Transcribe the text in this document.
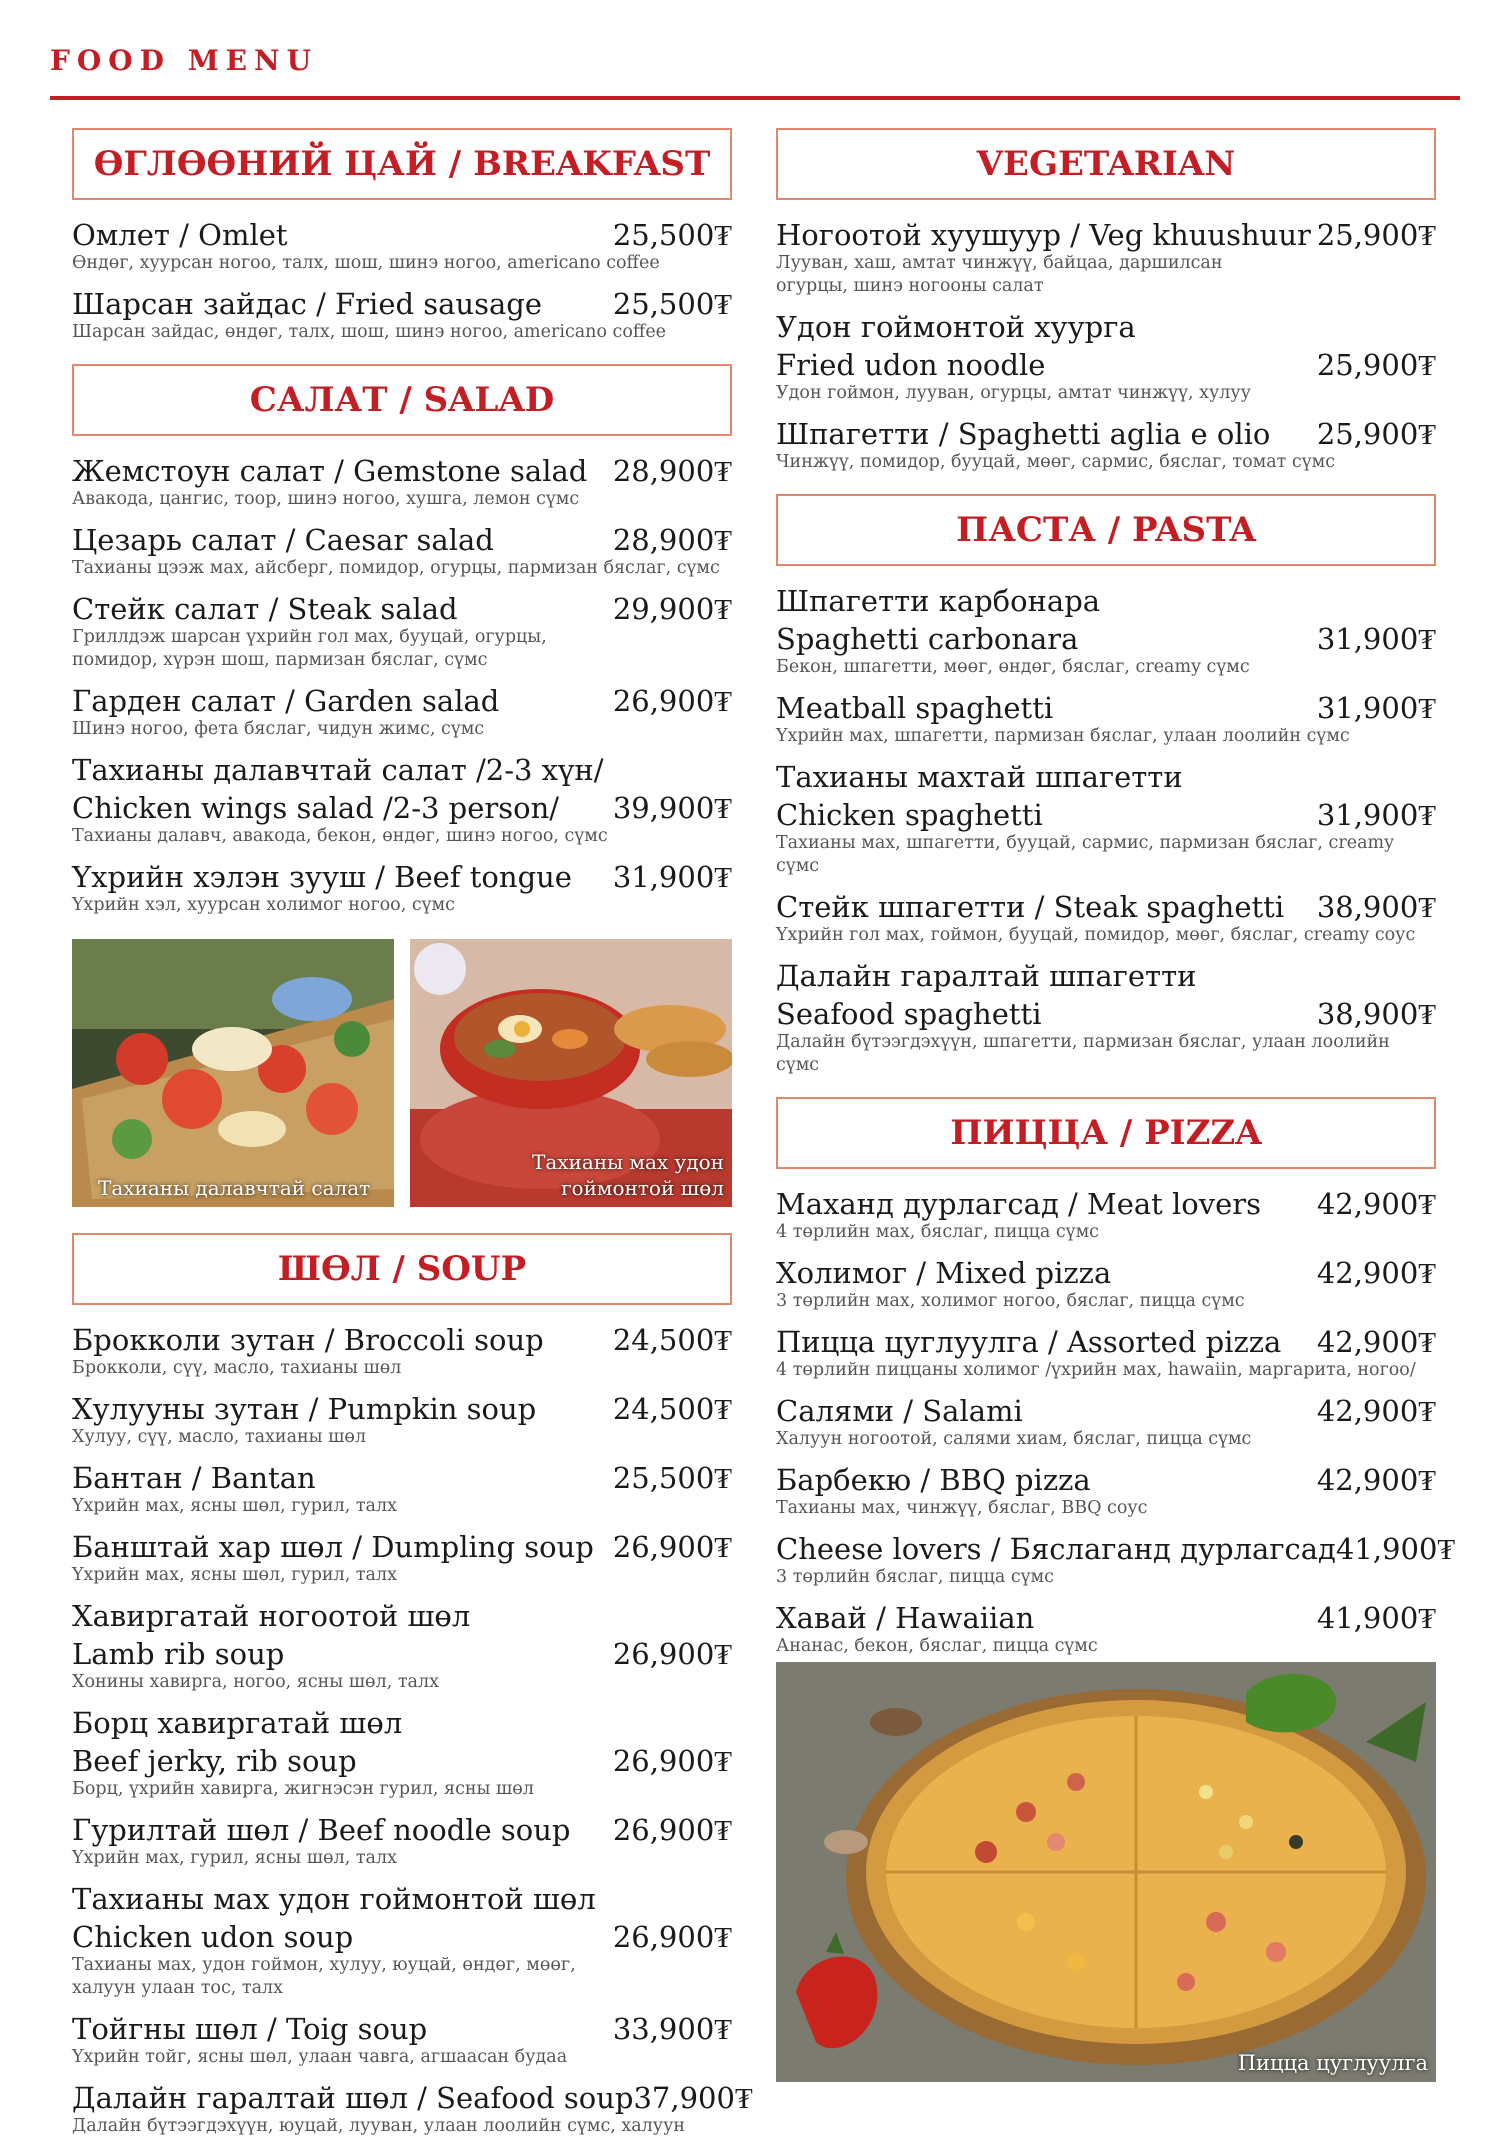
FOOD MENU
ӨГЛӨӨНИЙ ЦАЙ / BREAKFAST
Омлет / Omlet	25,500₮
Өндөг, хуурсан ногоо, талх, шош, шинэ ногоо, americano coffee
Шарсан зайдас / Fried sausage 25,500₮
Шарсан зайдас, өндөг, талх, шош, шинэ ногоо, americano coffee
САЛАТ / SALAD
Жемстоун салат / Gemstone salad 28,900₮
Авакода, цангис, тоор, шинэ ногоо, хушга, лемон сүмс
Цезарь салат / Caesar salad	28,900₮
Тахианы цээж мах, айсберг, помидор, огурцы, пармизан бяслаг, сүмс
Стейк салат / Steak salad	29,900₮
Гриллдэж шарсан үхрийн гол мах, бууцай, огурцы, помидор, хүрэн шош, пармизан бяслаг, сүмс
Гарден салат / Garden salad	26,900₮
Шинэ ногоо, фета бяслаг, чидун жимс, сүмс
Тахианы далавчтай салат /2-3 хүн/
Chicken wings salad /2-3 person/ 39,900₮
Тахианы далавч, авакода, бекон, өндөг, шинэ ногоо, сүмс
Үхрийн хэлэн зууш / Beef tongue 31,900₮
Үхрийн хэл, хуурсан холимог ногоо, сүмс
Тахианы далавчтай салат
Тахианы мах удон
гоймонтой шөл
ШӨЛ / SOUP
Брокколи зутан / Broccoli soup 24,500₮
Брокколи, сүү, масло, тахианы шөл
Хулууны зутан / Pumpkin soup	24,500₮
Хулуу, сүү, масло, тахианы шөл
Бантан / Bantan	25,500₮
Үхрийн мах, ясны шөл, гурил, талх
Банштай хар шөл / Dumpling soup 26,900₮
Үхрийн мах, ясны шөл, гурил, талх
Хавиргатай ногоотой шөл
Lamb rib soup	26,900₮
Хонины хавирга, ногоо, ясны шөл, талх
Борц хавиргатай шөл
Beef jerky, rib soup	26,900₮
Борц, үхрийн хавирга, жигнэсэн гурил, ясны шөл
Гурилтай шөл / Beef noodle soup 26,900₮
Үхрийн мах, гурил, ясны шөл, талх
Тахианы мах удон гоймонтой шөл
Chicken udon soup	26,900₮
Тахианы мах, удон гоймон, хулуу, юуцай, өндөг, мөөг, халуун улаан тос, талх
Тойгны шөл / Toig soup	33,900₮
Үхрийн тойг, ясны шөл, улаан чавга, агшаасан будаа
Далайн гаралтай шөл / Seafood soup 37,900₮
Далайн бүтээгдэхүүн, юуцай, лууван, улаан лоолийн сүмс, халуун
VEGETARIAN
Ногоотой хуушуур / Veg khuushuur 25,900₮
Лууван, хаш, амтат чинжүү, байцаа, даршилсан огурцы, шинэ ногооны салат
Удон гоймонтой хуурга
Fried udon noodle	25,900₮
Удон гоймон, лууван, огурцы, амтат чинжүү, хулуу
Шпагетти / Spaghetti aglia e olio 25,900₮
Чинжүү, помидор, бууцай, мөөг, сармис, бяслаг, томат сүмс
ПАСТА / PASTA
Шпагетти карбонара
Spaghetti carbonara	31,900₮
Бекон, шпагетти, мөөг, өндөг, бяслаг, creamy сүмс
Meatball spaghetti	31,900₮
Үхрийн мах, шпагетти, пармизан бяслаг, улаан лоолийн сүмс
Тахианы махтай шпагетти
Chicken spaghetti	31,900₮
Тахианы мах, шпагетти, бууцай, сармис, пармизан бяслаг, creamy сүмс
Стейк шпагетти / Steak spaghetti 38,900₮
Үхрийн гол мах, гоймон, бууцай, помидор, мөөг, бяслаг, creamy соус
Далайн гаралтай шпагетти
Seafood spaghetti	38,900₮
Далайн бүтээгдэхүүн, шпагетти, пармизан бяслаг, улаан лоолийн сүмс
ПИЦЦА / PIZZA
Маханд дурлагсад / Meat lovers 42,900₮
4 төрлийн мах, бяслаг, пицца сүмс
Холимог / Mixed pizza	42,900₮
3 төрлийн мах, холимог ногоо, бяслаг, пицца сүмс
Пицца цуглуулга / Assorted pizza 42,900₮
4 төрлийн пиццаны холимог /үхрийн мах, hawaiin, маргарита, ногоо/
Салями / Salami	42,900₮
Халуун ногоотой, салями хиам, бяслаг, пицца сүмс
Барбекю / BBQ pizza	42,900₮
Тахианы мах, чинжүү, бяслаг, BBQ соус
Cheese lovers / Бяслаганд дурлагсад 41,900₮
3 төрлийн бяслаг, пицца сүмс
Хавай / Hawaiian	41,900₮
Ананас, бекон, бяслаг, пицца сүмс
Пицца цуглуулга
